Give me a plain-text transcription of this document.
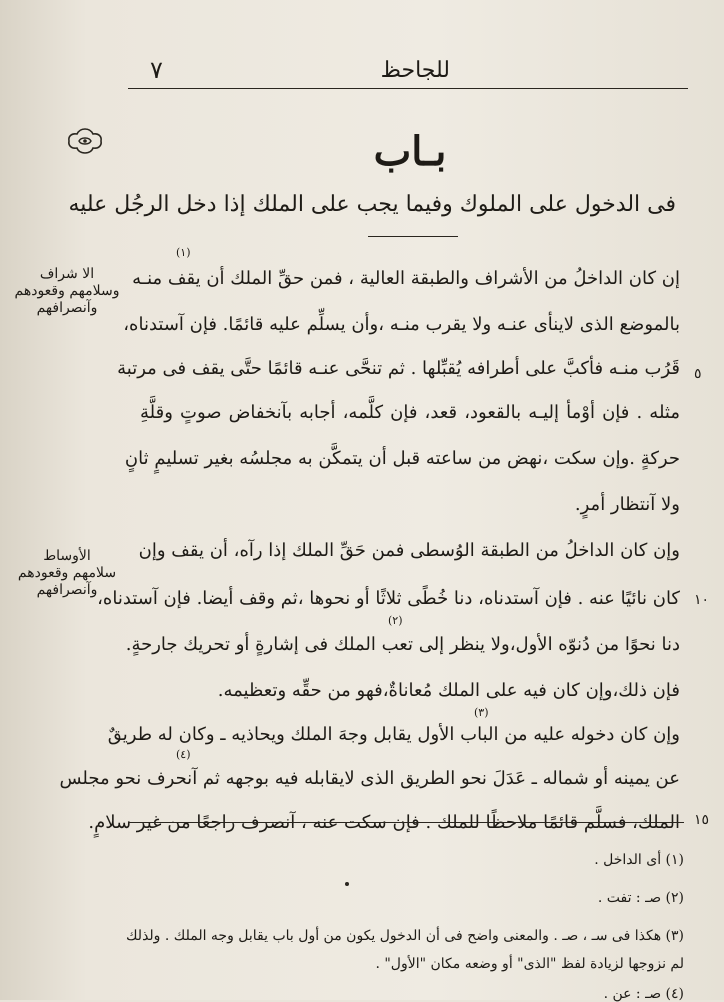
للجاحظ
٧
بـاب
فى الدخول على الملوك وفيما يجب على الملك إذا دخل الرجُل عليه
الا شراف
وسلامهم وقعودهم
وآنصرافهم
الأوساط
سلامهم وقعودهم
وآنصرافهم
٥
١٠
١٥
(١)
(٢)
(٣)
(٤)
إن كان الداخلُ من الأشراف والطبقة العالية ، فمن حقِّ الملك أن يقف منـه
بالموضع الذى لاينأى عنـه ولا يقرب منـه ،وأن يسلِّم عليه قائمًا. فإن آستدناه،
قَرُب منـه فأكبَّ على أطرافه يُقبِّلها . ثم تنحَّى عنـه قائمًا حتَّى يقف فى مرتبة
مثله . فإن أوْمأ إليـه بالقعود، قعد، فإن كلَّمه، أجابه بآنخفاض صوتٍ وقلَّةِ
حركةٍ .وإن سكت ،نهض من ساعته قبل أن يتمكَّن به مجلسُه بغير تسليمٍ ثانٍ
ولا آنتظار أمرٍ.
وإن كان الداخلُ من الطبقة الوُسطى فمن حَقِّ الملك إذا رآه، أن يقف وإن
كان نائيًا عنه . فإن آستدناه، دنا خُطًى ثلاثًا أو نحوها ،ثم وقف أيضا. فإن آستدناه،
دنا نحوًا من دُنوّه الأول،ولا ينظر إلى تعب الملك فى إشارةٍ أو تحريك جارحةٍ.
فإن ذلك،وإن كان فيه على الملك مُعاناةٌ،فهو من حقِّه وتعظيمه.
وإن كان دخوله عليه من الباب الأول يقابل وجهَ الملك ويحاذيه ـ وكان له طريقٌ
عن يمينه أو شماله ـ عَدَلَ نحو الطريق الذى لايقابله فيه بوجهه ثم آنحرف نحو مجلس
الملك، فسلَّم قائمًا ملاحظًا للملك . فإن سكت عنه ، آنصرف راجعًا من غير سلامٍ.
(١) أى الداخل .
(٢) صـ : تفت .
(٣) هكذا فى سـ ، صـ . والمعنى واضح فى أن الدخول يكون من أول باب يقابل وجه الملك . ولذلك
لم نزوجها لزيادة لفظ "الذى" أو وضعه مكان "الأول" .
(٤) صـ : عن .
